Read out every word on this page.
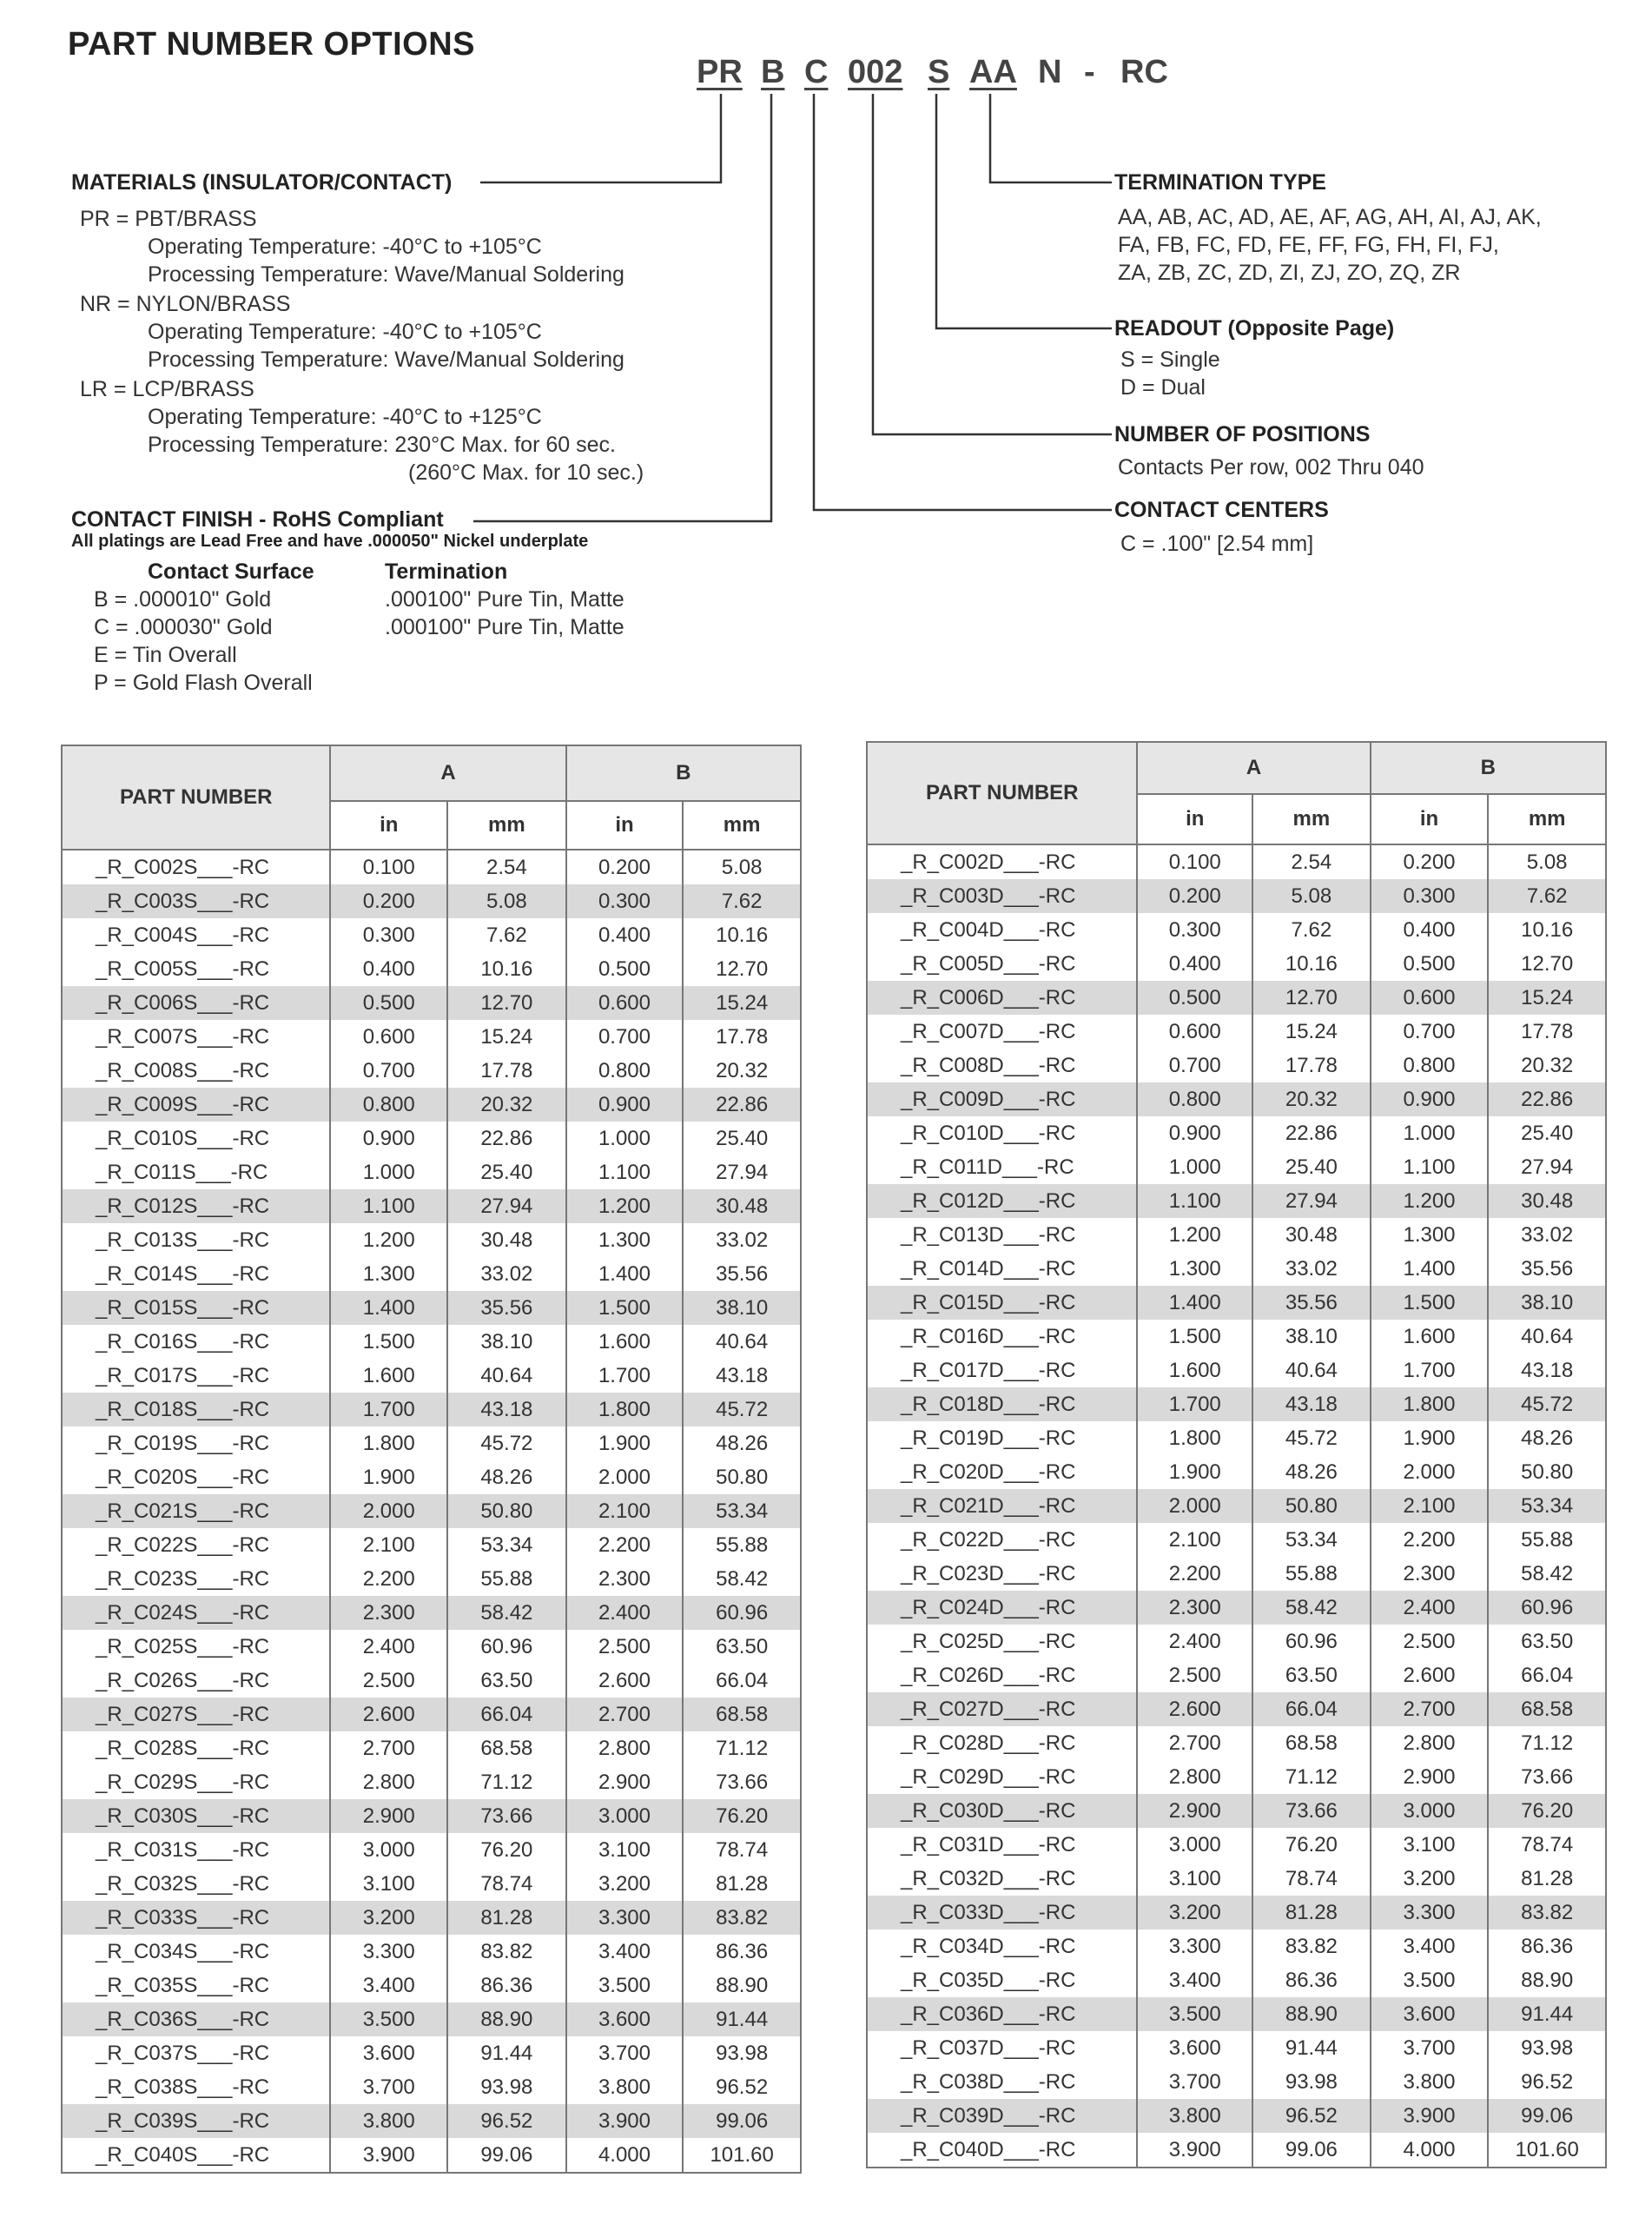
PART NUMBER OPTIONS
PR B C 002 S AA N - RC
MATERIALS (INSULATOR/CONTACT)
PR = PBT/BRASS
Operating Temperature: -40°C to +105°C
Processing Temperature: Wave/Manual Soldering
NR = NYLON/BRASS
Operating Temperature: -40°C to +105°C
Processing Temperature: Wave/Manual Soldering
LR = LCP/BRASS
Operating Temperature: -40°C to +125°C
Processing Temperature: 230°C Max. for 60 sec.
(260°C Max. for 10 sec.)
CONTACT FINISH - RoHS Compliant
All platings are Lead Free and have .000050" Nickel underplate
Contact Surface	Termination
B = .000010" Gold	.000100" Pure Tin, Matte
C = .000030" Gold	.000100" Pure Tin, Matte
E = Tin Overall
P = Gold Flash Overall
TERMINATION TYPE
AA, AB, AC, AD, AE, AF, AG, AH, AI, AJ, AK,
FA, FB, FC, FD, FE, FF, FG, FH, FI, FJ,
ZA, ZB, ZC, ZD, ZI, ZJ, ZO, ZQ, ZR
READOUT (Opposite Page)
S = Single
D = Dual
NUMBER OF POSITIONS
Contacts Per row, 002 Thru 040
CONTACT CENTERS
C = .100" [2.54 mm]
PART NUMBER	A		B	
	in	mm	in	mm
_R_C002S___-RC	0.100	2.54	0.200	5.08
_R_C003S___-RC	0.200	5.08	0.300	7.62
_R_C004S___-RC	0.300	7.62	0.400	10.16
_R_C005S___-RC	0.400	10.16	0.500	12.70
_R_C006S___-RC	0.500	12.70	0.600	15.24
_R_C007S___-RC	0.600	15.24	0.700	17.78
_R_C008S___-RC	0.700	17.78	0.800	20.32
_R_C009S___-RC	0.800	20.32	0.900	22.86
_R_C010S___-RC	0.900	22.86	1.000	25.40
_R_C011S___-RC	1.000	25.40	1.100	27.94
_R_C012S___-RC	1.100	27.94	1.200	30.48
_R_C013S___-RC	1.200	30.48	1.300	33.02
_R_C014S___-RC	1.300	33.02	1.400	35.56
_R_C015S___-RC	1.400	35.56	1.500	38.10
_R_C016S___-RC	1.500	38.10	1.600	40.64
_R_C017S___-RC	1.600	40.64	1.700	43.18
_R_C018S___-RC	1.700	43.18	1.800	45.72
_R_C019S___-RC	1.800	45.72	1.900	48.26
_R_C020S___-RC	1.900	48.26	2.000	50.80
_R_C021S___-RC	2.000	50.80	2.100	53.34
_R_C022S___-RC	2.100	53.34	2.200	55.88
_R_C023S___-RC	2.200	55.88	2.300	58.42
_R_C024S___-RC	2.300	58.42	2.400	60.96
_R_C025S___-RC	2.400	60.96	2.500	63.50
_R_C026S___-RC	2.500	63.50	2.600	66.04
_R_C027S___-RC	2.600	66.04	2.700	68.58
_R_C028S___-RC	2.700	68.58	2.800	71.12
_R_C029S___-RC	2.800	71.12	2.900	73.66
_R_C030S___-RC	2.900	73.66	3.000	76.20
_R_C031S___-RC	3.000	76.20	3.100	78.74
_R_C032S___-RC	3.100	78.74	3.200	81.28
_R_C033S___-RC	3.200	81.28	3.300	83.82
_R_C034S___-RC	3.300	83.82	3.400	86.36
_R_C035S___-RC	3.400	86.36	3.500	88.90
_R_C036S___-RC	3.500	88.90	3.600	91.44
_R_C037S___-RC	3.600	91.44	3.700	93.98
_R_C038S___-RC	3.700	93.98	3.800	96.52
_R_C039S___-RC	3.800	96.52	3.900	99.06
_R_C040S___-RC	3.900	99.06	4.000	101.60
PART NUMBER	A		B	
	in	mm	in	mm
_R_C002D___-RC	0.100	2.54	0.200	5.08
_R_C003D___-RC	0.200	5.08	0.300	7.62
_R_C004D___-RC	0.300	7.62	0.400	10.16
_R_C005D___-RC	0.400	10.16	0.500	12.70
_R_C006D___-RC	0.500	12.70	0.600	15.24
_R_C007D___-RC	0.600	15.24	0.700	17.78
_R_C008D___-RC	0.700	17.78	0.800	20.32
_R_C009D___-RC	0.800	20.32	0.900	22.86
_R_C010D___-RC	0.900	22.86	1.000	25.40
_R_C011D___-RC	1.000	25.40	1.100	27.94
_R_C012D___-RC	1.100	27.94	1.200	30.48
_R_C013D___-RC	1.200	30.48	1.300	33.02
_R_C014D___-RC	1.300	33.02	1.400	35.56
_R_C015D___-RC	1.400	35.56	1.500	38.10
_R_C016D___-RC	1.500	38.10	1.600	40.64
_R_C017D___-RC	1.600	40.64	1.700	43.18
_R_C018D___-RC	1.700	43.18	1.800	45.72
_R_C019D___-RC	1.800	45.72	1.900	48.26
_R_C020D___-RC	1.900	48.26	2.000	50.80
_R_C021D___-RC	2.000	50.80	2.100	53.34
_R_C022D___-RC	2.100	53.34	2.200	55.88
_R_C023D___-RC	2.200	55.88	2.300	58.42
_R_C024D___-RC	2.300	58.42	2.400	60.96
_R_C025D___-RC	2.400	60.96	2.500	63.50
_R_C026D___-RC	2.500	63.50	2.600	66.04
_R_C027D___-RC	2.600	66.04	2.700	68.58
_R_C028D___-RC	2.700	68.58	2.800	71.12
_R_C029D___-RC	2.800	71.12	2.900	73.66
_R_C030D___-RC	2.900	73.66	3.000	76.20
_R_C031D___-RC	3.000	76.20	3.100	78.74
_R_C032D___-RC	3.100	78.74	3.200	81.28
_R_C033D___-RC	3.200	81.28	3.300	83.82
_R_C034D___-RC	3.300	83.82	3.400	86.36
_R_C035D___-RC	3.400	86.36	3.500	88.90
_R_C036D___-RC	3.500	88.90	3.600	91.44
_R_C037D___-RC	3.600	91.44	3.700	93.98
_R_C038D___-RC	3.700	93.98	3.800	96.52
_R_C039D___-RC	3.800	96.52	3.900	99.06
_R_C040D___-RC	3.900	99.06	4.000	101.60
